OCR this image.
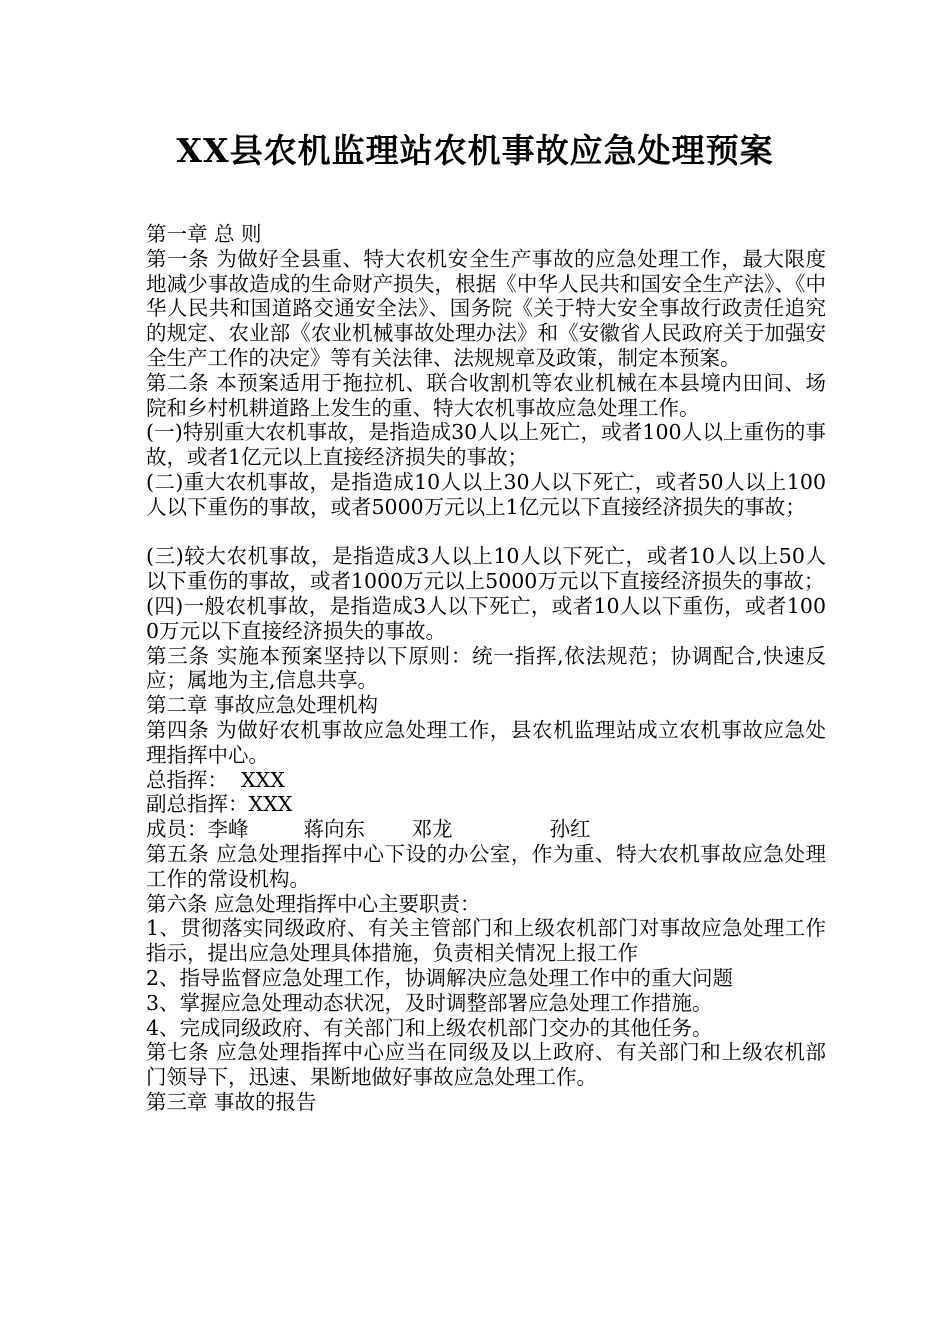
XX县农机监理站农机事故应急处理预案

第一章 总 则

第一条 为做好全县重、特大农机安全生产事故的应急处理工作，最大限度地减少事故造成的生命财产损失，根据《中华人民共和国安全生产法》、《中华人民共和国道路交通安全法》、国务院《关于特大安全事故行政责任追究的规定、农业部《农业机械事故处理办法》和《安徽省人民政府关于加强安全生产工作的决定》等有关法律、法规规章及政策，制定本预案。

第二条 本预案适用于拖拉机、联合收割机等农业机械在本县境内田间、场院和乡村机耕道路上发生的重、特大农机事故应急处理工作。

(一)特别重大农机事故，是指造成30人以上死亡，或者100人以上重伤的事故，或者1亿元以上直接经济损失的事故；

(二)重大农机事故，是指造成10人以上30人以下死亡，或者50人以上100人以下重伤的事故，或者5000万元以上1亿元以下直接经济损失的事故；

(三)较大农机事故，是指造成3人以上10人以下死亡，或者10人以上50人以下重伤的事故，或者1000万元以上5000万元以下直接经济损失的事故；

(四)一般农机事故，是指造成3人以下死亡，或者10人以下重伤，或者1000万元以下直接经济损失的事故。

第三条 实施本预案坚持以下原则：统一指挥,依法规范；协调配合,快速反应；属地为主,信息共享。

第二章 事故应急处理机构

第四条 为做好农机事故应急处理工作，县农机监理站成立农机事故应急处理指挥中心。

总指挥：  XXX

副总指挥：XXX

成员：李峰	蒋向东 邓龙	孙红

第五条 应急处理指挥中心下设的办公室，作为重、特大农机事故应急处理工作的常设机构。

第六条 应急处理指挥中心主要职责：

1、贯彻落实同级政府、有关主管部门和上级农机部门对事故应急处理工作指示，提出应急处理具体措施，负责相关情况上报工作

2、指导监督应急处理工作，协调解决应急处理工作中的重大问题

3、掌握应急处理动态状况，及时调整部署应急处理工作措施。

4、完成同级政府、有关部门和上级农机部门交办的其他任务。

第七条 应急处理指挥中心应当在同级及以上政府、有关部门和上级农机部门领导下，迅速、果断地做好事故应急处理工作。

第三章 事故的报告
